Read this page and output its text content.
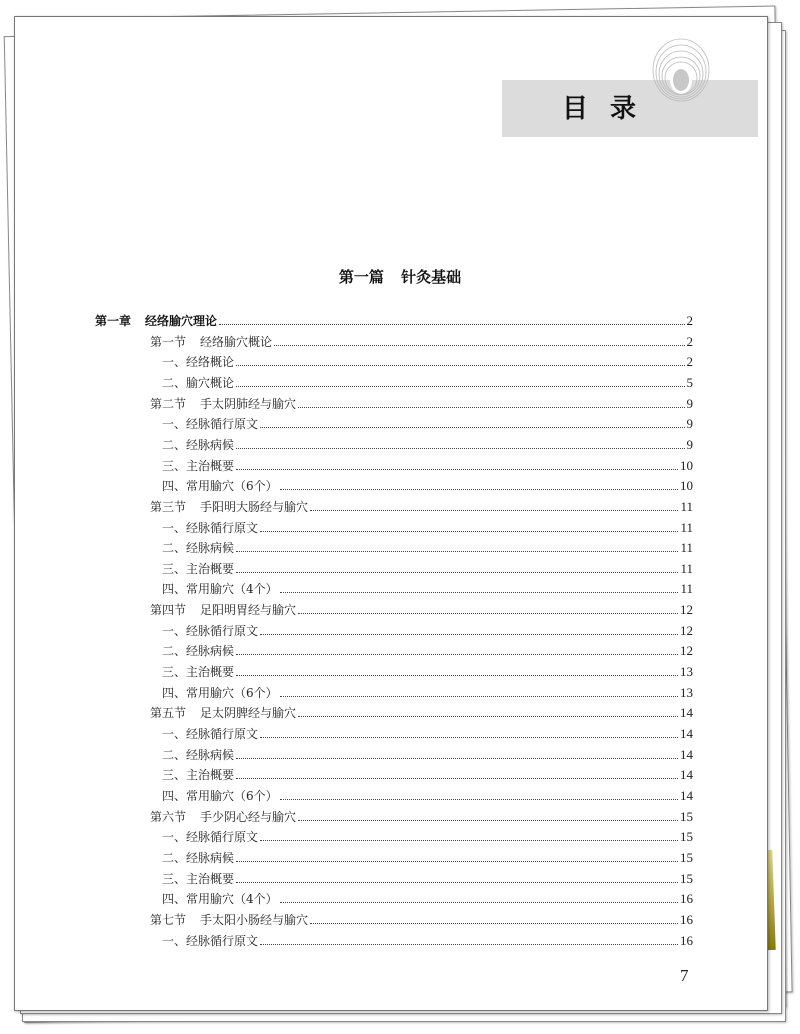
目录
第一篇 针灸基础
第一章 经络腧穴理论	2
第一节 经络腧穴概论	2
一、经络概论	2
二、腧穴概论	5
第二节 手太阴肺经与腧穴	9
一、经脉循行原文	9
二、经脉病候	9
三、主治概要	10
四、常用腧穴（6个）	10
第三节 手阳明大肠经与腧穴	11
一、经脉循行原文	11
二、经脉病候	11
三、主治概要	11
四、常用腧穴（4个）	11
第四节 足阳明胃经与腧穴	12
一、经脉循行原文	12
二、经脉病候	12
三、主治概要	13
四、常用腧穴（6个）	13
第五节 足太阴脾经与腧穴	14
一、经脉循行原文	14
二、经脉病候	14
三、主治概要	14
四、常用腧穴（6个）	14
第六节 手少阴心经与腧穴	15
一、经脉循行原文	15
二、经脉病候	15
三、主治概要	15
四、常用腧穴（4个）	16
第七节 手太阳小肠经与腧穴	16
一、经脉循行原文	16
7
